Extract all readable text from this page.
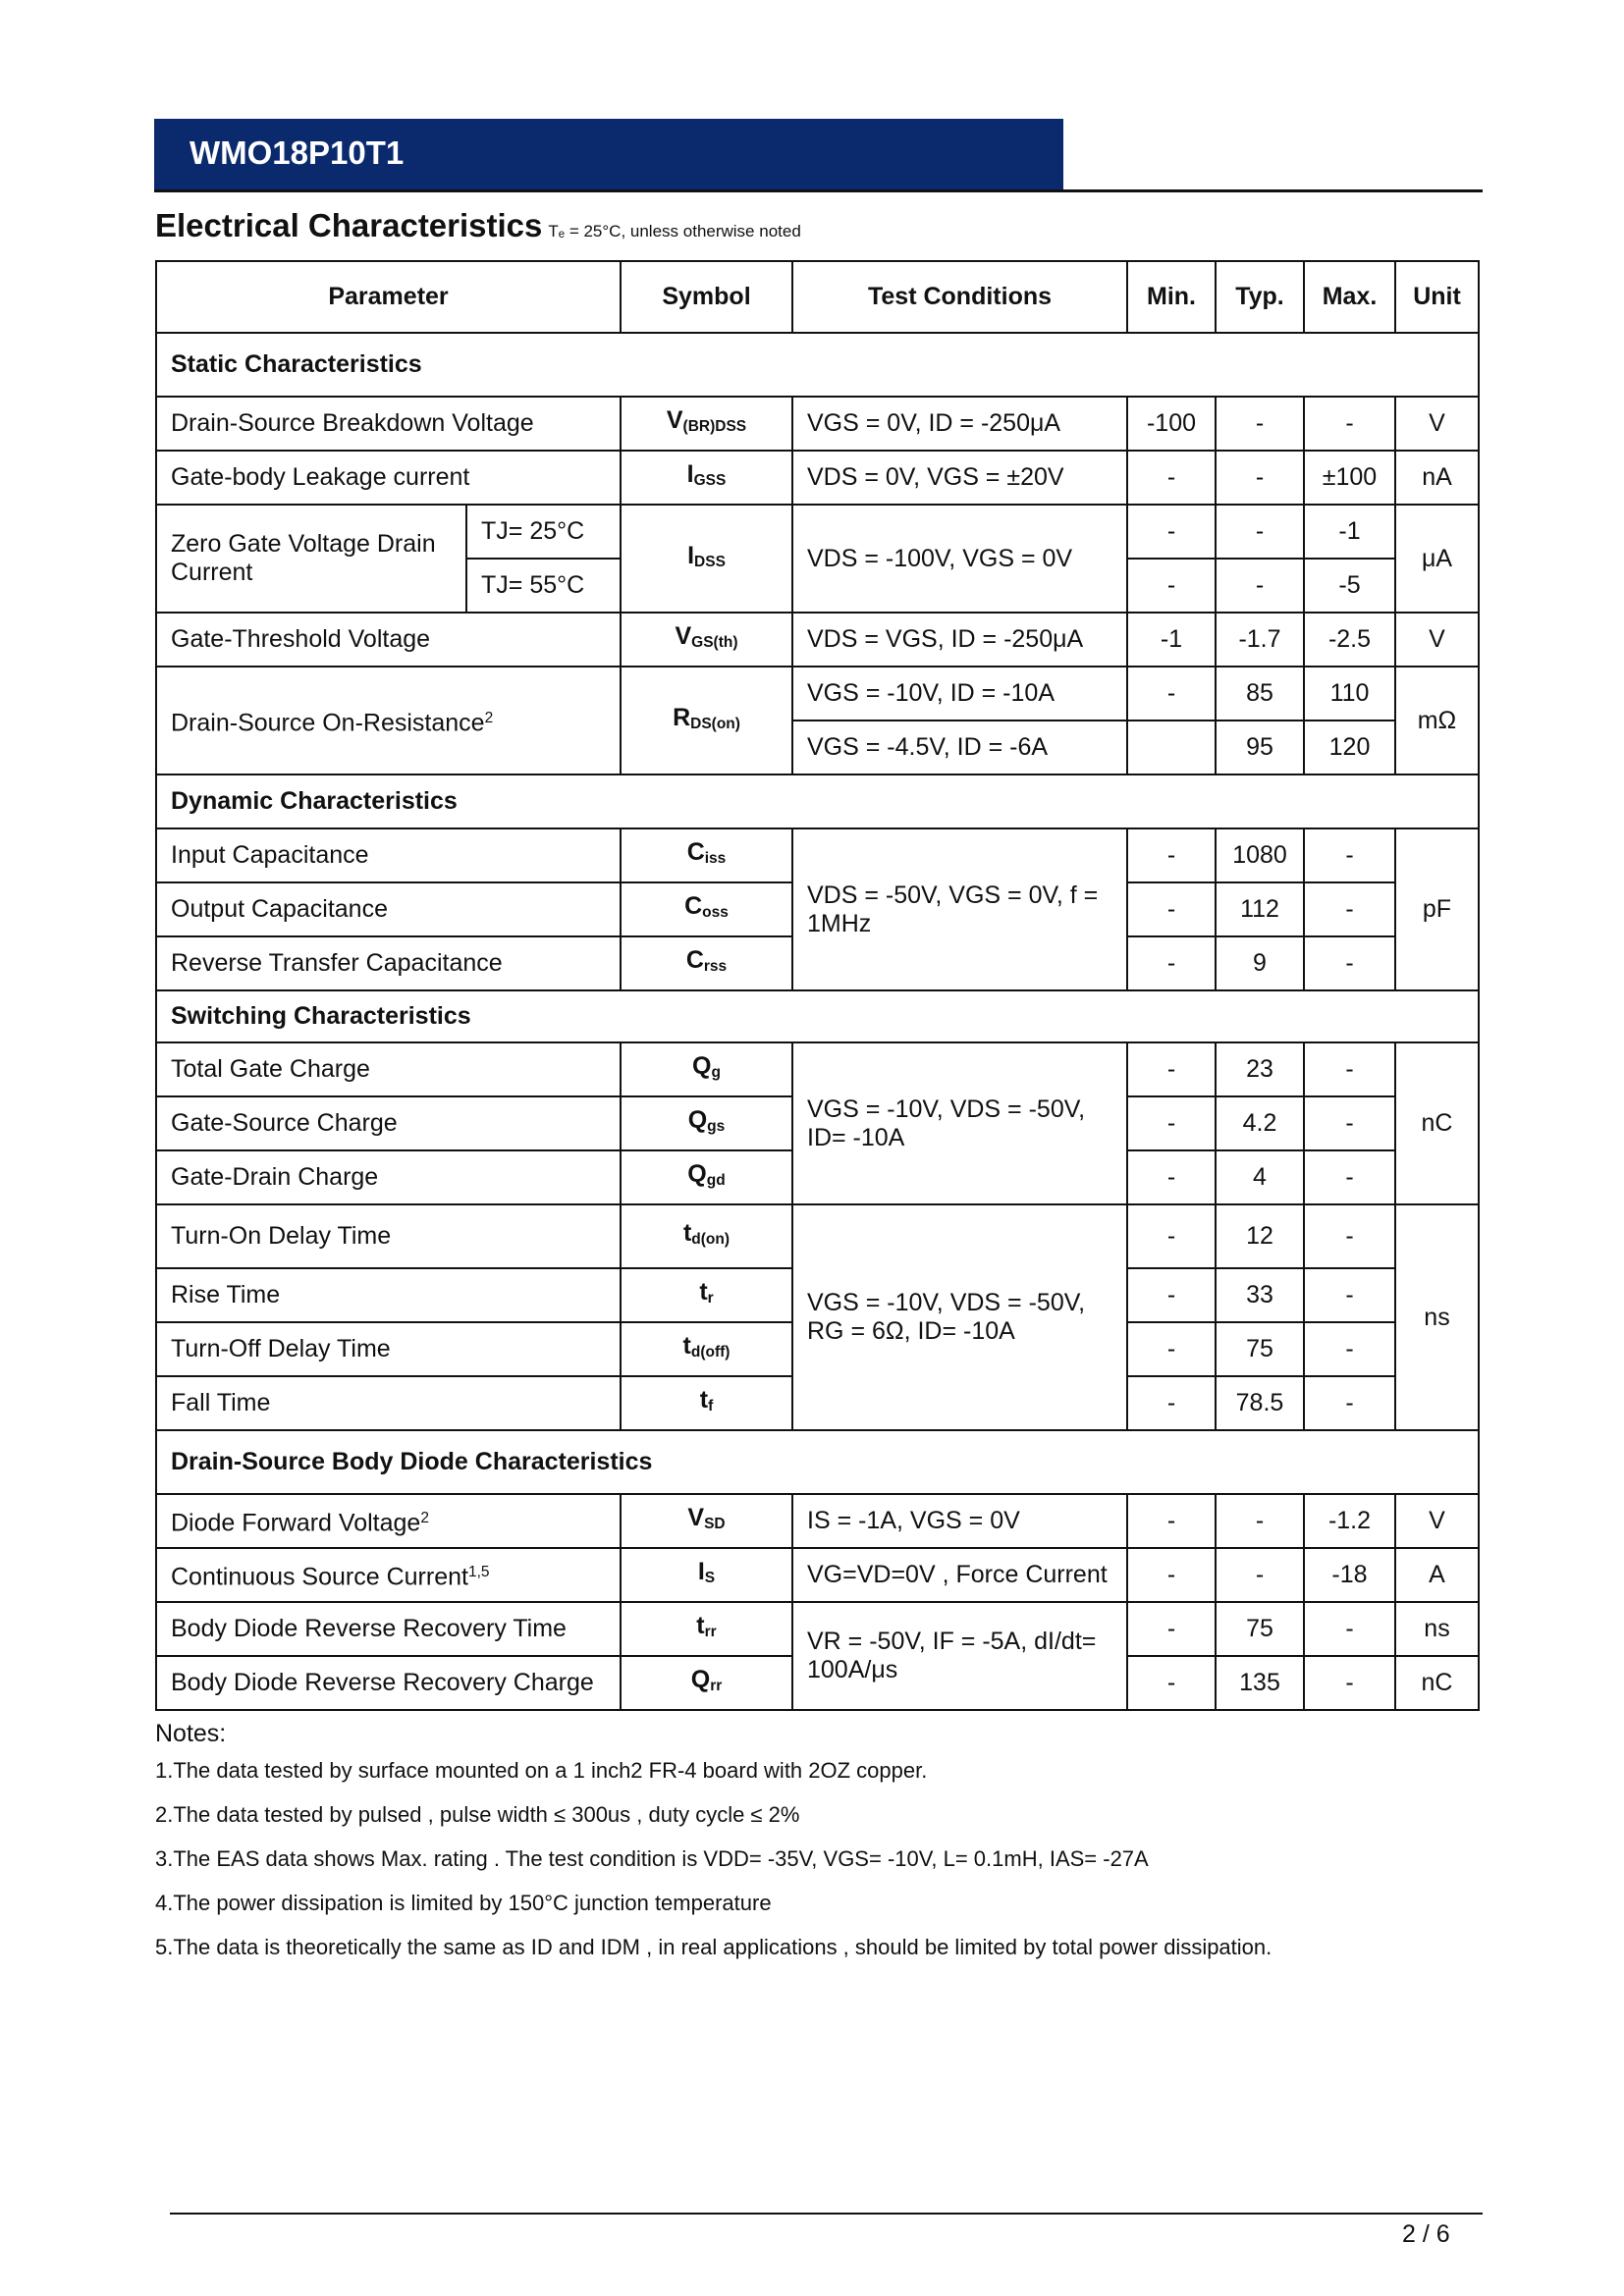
WMO18P10T1
Electrical Characteristics Tₑ = 25°C, unless otherwise noted
Parameter		Symbol	Test Conditions	Min.	Typ.	Max.	Unit
Static Characteristics							
Drain-Source Breakdown Voltage		V(BR)DSS	VGS = 0V, ID = -250μA	-100	-	-	V
Gate-body Leakage current		IGSS	VDS = 0V, VGS = ±20V	-	-	±100	nA
Zero Gate Voltage Drain Current	TJ= 25°C	IDSS	VDS = -100V, VGS = 0V	-	-	-1	μA
	TJ= 55°C			-	-	-5	
Gate-Threshold Voltage		VGS(th)	VDS = VGS, ID = -250μA	-1	-1.7	-2.5	V
Drain-Source On-Resistance$^2$		RDS(on)	VGS = -10V, ID = -10A	-	85	110	mΩ
			VGS = -4.5V, ID = -6A		95	120	
Dynamic Characteristics							
Input Capacitance		Ciss	VDS = -50V, VGS = 0V, f = 1MHz	-	1080	-	pF
Output Capacitance		Coss		-	112	-	
Reverse Transfer Capacitance		Crss		-	9	-	
Switching Characteristics							
Total Gate Charge		Qg	VGS = -10V, VDS = -50V, ID= -10A	-	23	-	nC
Gate-Source Charge		Qgs		-	4.2	-	
Gate-Drain Charge		Qgd		-	4	-	
Turn-On Delay Time		td(on)	VGS = -10V, VDS = -50V, RG = 6Ω, ID= -10A	-	12	-	ns
Rise Time		tr		-	33	-	
Turn-Off Delay Time		td(off)		-	75	-	
Fall Time		tf		-	78.5	-	
Drain-Source Body Diode Characteristics							
Diode Forward Voltage$^2$		VSD	IS = -1A, VGS = 0V	-	-	-1.2	V
Continuous Source Current$^{1,5}$		IS	VG=VD=0V , Force Current	-	-	-18	A
Body Diode Reverse Recovery Time		trr	VR = -50V, IF = -5A, dI/dt= 100A/μs	-	75	-	ns
Body Diode Reverse Recovery Charge		Qrr		-	135	-	nC
Notes:
1.The data tested by surface mounted on a 1 inch2 FR-4 board with 2OZ copper.
2.The data tested by pulsed , pulse width ≤ 300us , duty cycle ≤ 2%
3.The EAS data shows Max. rating . The test condition is VDD= -35V, VGS= -10V, L= 0.1mH, IAS= -27A
4.The power dissipation is limited by 150°C junction temperature
5.The data is theoretically the same as ID and IDM , in real applications , should be limited by total power dissipation.
2 / 6
